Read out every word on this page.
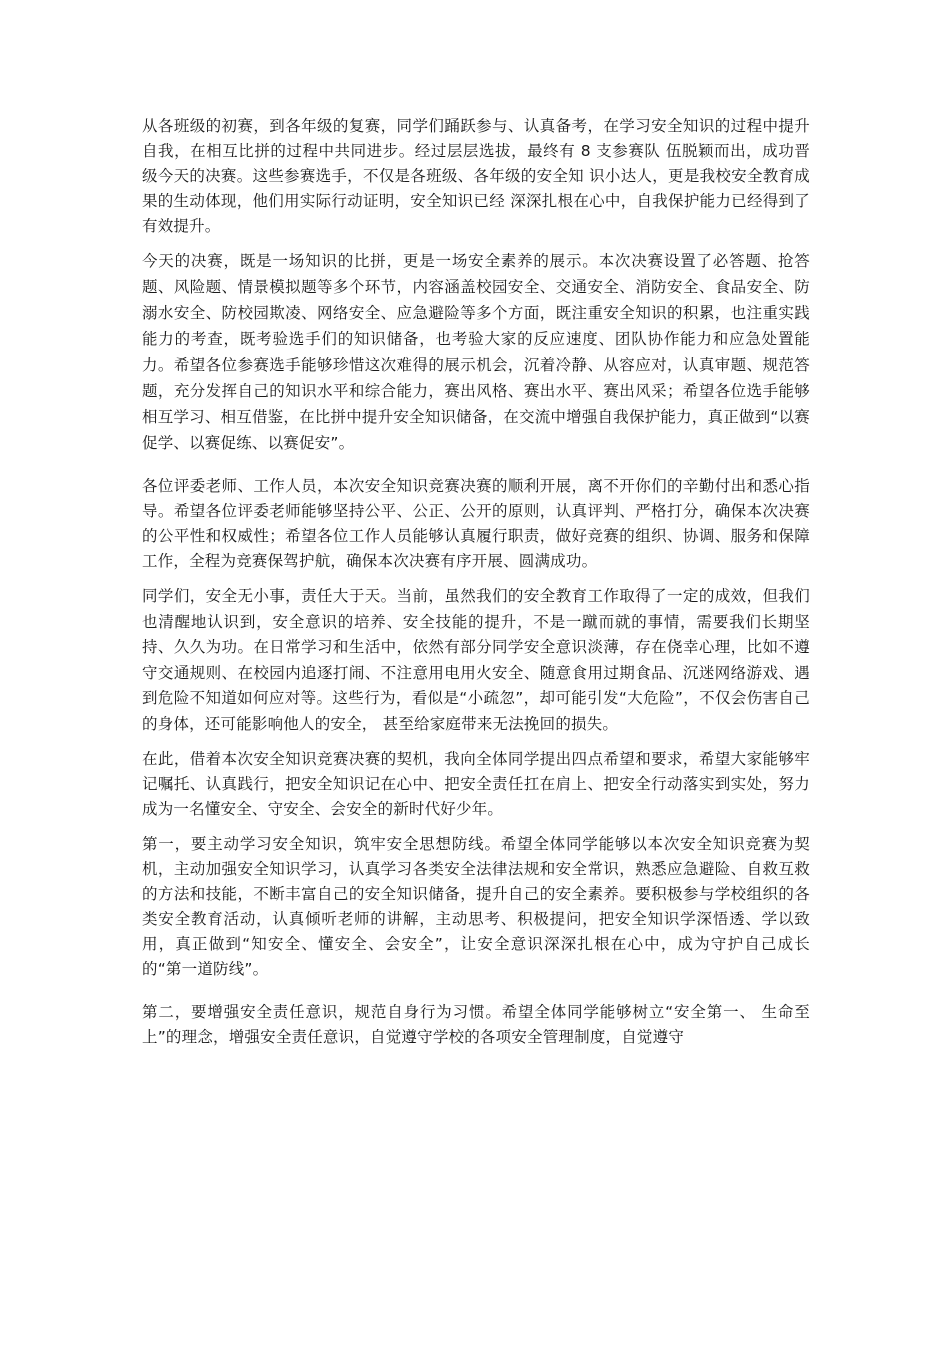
从各班级的初赛，到各年级的复赛，同学们踊跃参与、认真备考，在学习安全知识的过程中提升自我，在相互比拼的过程中共同进步。经过层层选拔，最终有 8 支参赛队 伍脱颖而出，成功晋级今天的决赛。这些参赛选手，不仅是各班级、各年级的安全知 识小达人，更是我校安全教育成果的生动体现，他们用实际行动证明，安全知识已经 深深扎根在心中，自我保护能力已经得到了有效提升。

今天的决赛，既是一场知识的比拼，更是一场安全素养的展示。本次决赛设置了必答题、抢答题、风险题、情景模拟题等多个环节，内容涵盖校园安全、交通安全、消防安全、食品安全、防溺水安全、防校园欺凌、网络安全、应急避险等多个方面，既注重安全知识的积累，也注重实践能力的考查，既考验选手们的知识储备，也考验大家的反应速度、团队协作能力和应急处置能力。希望各位参赛选手能够珍惜这次难得的展示机会，沉着冷静、从容应对，认真审题、规范答题，充分发挥自己的知识水平和综合能力，赛出风格、赛出水平、赛出风采；希望各位选手能够相互学习、相互借鉴，在比拼中提升安全知识储备，在交流中增强自我保护能力，真正做到“以赛促学、以赛促练、以赛促安”。

各位评委老师、工作人员，本次安全知识竞赛决赛的顺利开展，离不开你们的辛勤付出和悉心指导。希望各位评委老师能够坚持公平、公正、公开的原则，认真评判、严格打分，确保本次决赛的公平性和权威性；希望各位工作人员能够认真履行职责，做好竞赛的组织、协调、服务和保障工作，全程为竞赛保驾护航，确保本次决赛有序开展、圆满成功。

同学们，安全无小事，责任大于天。当前，虽然我们的安全教育工作取得了一定的成效，但我们也清醒地认识到，安全意识的培养、安全技能的提升，不是一蹴而就的事情，需要我们长期坚持、久久为功。在日常学习和生活中，依然有部分同学安全意识淡薄，存在侥幸心理，比如不遵守交通规则、在校园内追逐打闹、不注意用电用火安全、随意食用过期食品、沉迷网络游戏、遇到危险不知道如何应对等。这些行为，看似是“小疏忽”，却可能引发“大危险”，不仅会伤害自己的身体，还可能影响他人的安全， 甚至给家庭带来无法挽回的损失。

在此，借着本次安全知识竞赛决赛的契机，我向全体同学提出四点希望和要求，希望大家能够牢记嘱托、认真践行，把安全知识记在心中、把安全责任扛在肩上、把安全行动落实到实处，努力成为一名懂安全、守安全、会安全的新时代好少年。

第一，要主动学习安全知识，筑牢安全思想防线。希望全体同学能够以本次安全知识竞赛为契机，主动加强安全知识学习，认真学习各类安全法律法规和安全常识，熟悉应急避险、自救互救的方法和技能，不断丰富自己的安全知识储备，提升自己的安全素养。要积极参与学校组织的各类安全教育活动，认真倾听老师的讲解，主动思考、积极提问，把安全知识学深悟透、学以致用，真正做到“知安全、懂安全、会安全”，让安全意识深深扎根在心中，成为守护自己成长的“第一道防线”。

第二，要增强安全责任意识，规范自身行为习惯。希望全体同学能够树立“安全第一、 生命至上”的理念，增强安全责任意识，自觉遵守学校的各项安全管理制度，自觉遵守
